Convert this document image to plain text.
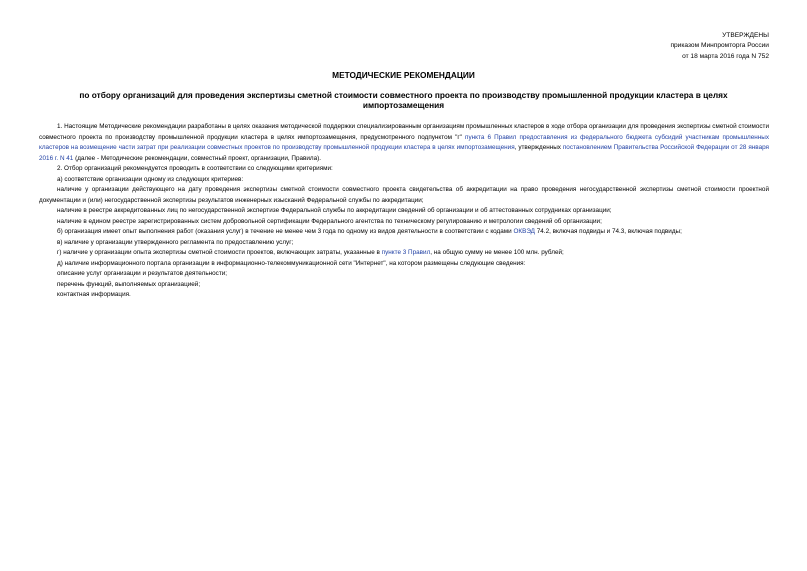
УТВЕРЖДЕНЫ
приказом Минпромторга России
от 18 марта 2016 года N 752
МЕТОДИЧЕСКИЕ РЕКОМЕНДАЦИИ
по отбору организаций для проведения экспертизы сметной стоимости совместного проекта по производству промышленной продукции кластера в целях импортозамещения

1. Настоящие Методические рекомендации разработаны в целях оказания методической поддержки специализированным организациям промышленных кластеров в ходе отбора организации для проведения экспертизы сметной стоимости совместного проекта по производству промышленной продукции кластера в целях импортозамещения, предусмотренного подпунктом "г" пункта 6 Правил предоставления из федерального бюджета субсидий участникам промышленных кластеров на возмещение части затрат при реализации совместных проектов по производству промышленной продукции кластера в целях импортозамещения, утвержденных постановлением Правительства Российской Федерации от 28 января 2016 г. N 41 (далее - Методические рекомендации, совместный проект, организации, Правила).

2. Отбор организаций рекомендуется проводить в соответствии со следующими критериями:

а) соответствие организации одному из следующих критериев:

наличие у организации действующего на дату проведения экспертизы сметной стоимости совместного проекта свидетельства об аккредитации на право проведения негосударственной экспертизы сметной стоимости проектной документации и (или) негосударственной экспертизы результатов инженерных изысканий Федеральной службы по аккредитации;

наличие в реестре аккредитованных лиц по негосударственной экспертизе Федеральной службы по аккредитации сведений об организации и об аттестованных сотрудниках организации;

наличие в едином реестре зарегистрированных систем добровольной сертификации Федерального агентства по техническому регулированию и метрологии сведений об организации;

б) организация имеет опыт выполнения работ (оказания услуг) в течение не менее чем 3 года по одному из видов деятельности в соответствии с кодами ОКВЭД 74.2, включая подвиды и 74.3, включая подвиды;

в) наличие у организации утвержденного регламента по предоставлению услуг;

г) наличие у организации опыта экспертизы сметной стоимости проектов, включающих затраты, указанные в пункте 3 Правил, на общую сумму не менее 100 млн. рублей;

д) наличие информационного портала организации в информационно-телекоммуникационной сети "Интернет", на котором размещены следующие сведения:

описание услуг организации и результатов деятельности;

перечень функций, выполняемых организацией;

контактная информация.
